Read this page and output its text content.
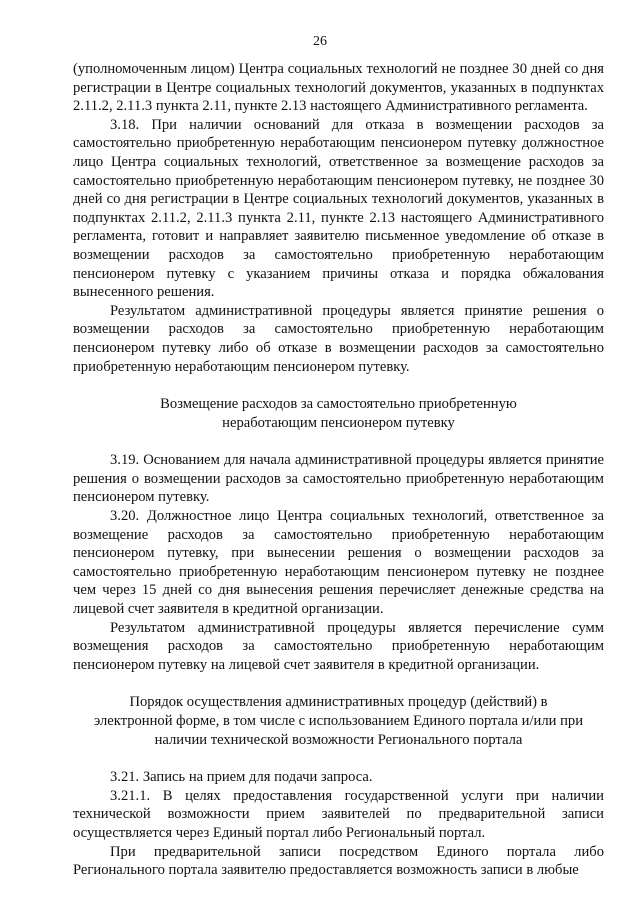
26

(уполномоченным лицом) Центра социальных технологий не позднее 30 дней со дня регистрации в Центре социальных технологий документов, указанных в подпунктах 2.11.2, 2.11.3 пункта 2.11, пункте 2.13 настоящего Административного регламента.

3.18. При наличии оснований для отказа в возмещении расходов за самостоятельно приобретенную неработающим пенсионером путевку должностное лицо Центра социальных технологий, ответственное за возмещение расходов за самостоятельно приобретенную неработающим пенсионером путевку, не позднее 30 дней со дня регистрации в Центре социальных технологий документов, указанных в подпунктах 2.11.2, 2.11.3 пункта 2.11, пункте 2.13 настоящего Административного регламента, готовит и направляет заявителю письменное уведомление об отказе в возмещении расходов за самостоятельно приобретенную неработающим пенсионером путевку с указанием причины отказа и порядка обжалования вынесенного решения.

Результатом административной процедуры является принятие решения о возмещении расходов за самостоятельно приобретенную неработающим пенсионером путевку либо об отказе в возмещении расходов за самостоятельно приобретенную неработающим пенсионером путевку.

Возмещение расходов за самостоятельно приобретенную
неработающим пенсионером путевку

3.19. Основанием для начала административной процедуры является принятие решения о возмещении расходов за самостоятельно приобретенную неработающим пенсионером путевку.

3.20. Должностное лицо Центра социальных технологий, ответственное за возмещение расходов за самостоятельно приобретенную неработающим пенсионером путевку, при вынесении решения о возмещении расходов за самостоятельно приобретенную неработающим пенсионером путевку не позднее чем через 15 дней со дня вынесения решения перечисляет денежные средства на лицевой счет заявителя в кредитной организации.

Результатом административной процедуры является перечисление сумм возмещения расходов за самостоятельно приобретенную неработающим пенсионером путевку на лицевой счет заявителя в кредитной организации.

Порядок осуществления административных процедур (действий) в
электронной форме, в том числе с использованием Единого портала и/или при
наличии технической возможности Регионального портала

3.21. Запись на прием для подачи запроса.

3.21.1. В целях предоставления государственной услуги при наличии технической возможности прием заявителей по предварительной записи осуществляется через Единый портал либо Региональный портал.

При предварительной записи посредством Единого портала либо Регионального портала заявителю предоставляется возможность записи в любые
